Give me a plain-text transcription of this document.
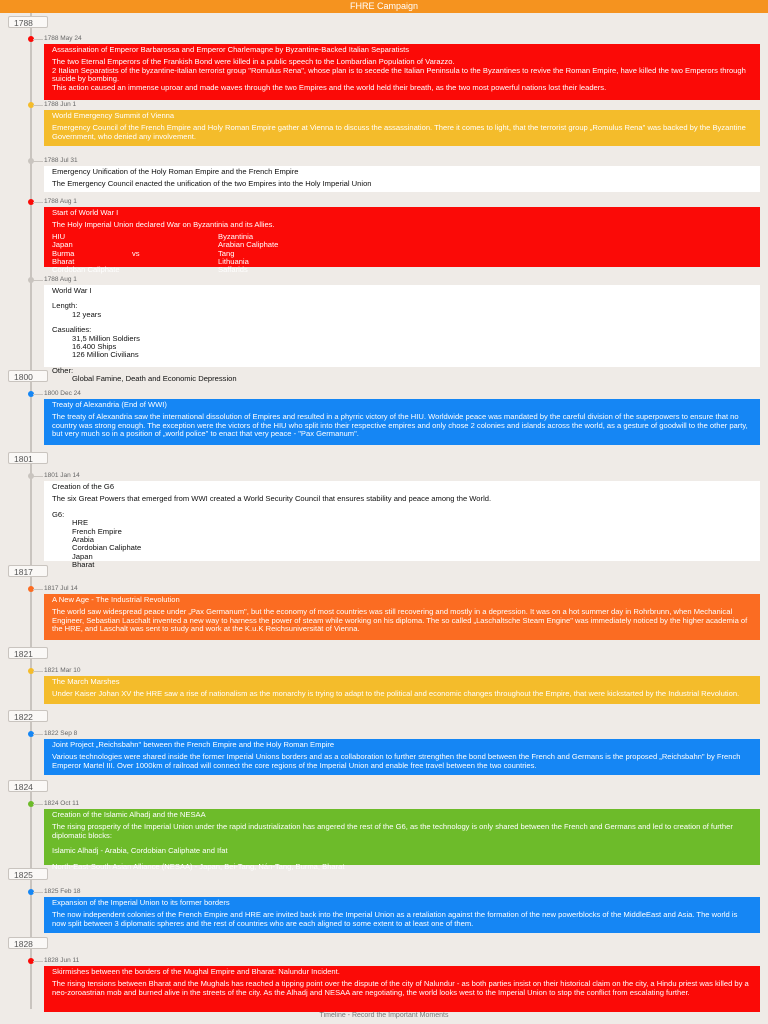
FHRE Campaign
1788
1800
1801
1817
1821
1822
1824
1825
1828
1788 May 24
Assassination of Emperor Barbarossa and Emperor Charlemagne by Byzantine-Backed Italian Separatists
The two Eternal Emperors of the Frankish Bond were killed in a public speech to the Lombardian Population of Varazzo.
2 Italian Separatists of the byzantine-italian terrorist group "Romulus Rena", whose plan is to secede the Italian Peninsula to the Byzantines to revive the Roman Empire, have killed the two Emperors through suicide by bombing.
This action caused an immense uproar and made waves through the two Empires and the world held their breath, as the two most powerful nations lost their leaders.
1788 Jun 1
World Emergency Summit of Vienna
Emergency Council of the French Empire and Holy Roman Empire gather at Vienna to discuss the assassination. There it comes to light, that the terrorist group „Romulus Rena" was backed by the Byzantine Government, who denied any involvement.
1788 Jul 31
Emergency Unification of the Holy Roman Empire and the French Empire
The Emergency Council enacted the unification of the two Empires into the Holy Imperial Union
1788 Aug 1
Start of World War I
The Holy Imperial Union declared War on Byzantinia and its Allies.
HIU
Japan
Burma
Bharat
Cordoban Caliphate
vs
Byzantinia
Arabian Caliphate
Tang
Lithuania
Saffarids
1788 Aug 1
World War I
Length:
12 years
Casualities:
31,5 Million Soldiers
16.400 Ships
126 Million Civilians
Other:
Global Famine, Death and Economic Depression
1800 Dec 24
Treaty of Alexandria (End of WWI)
The treaty of Alexandria saw the international dissolution of Empires and resulted in a phyrric victory of the HIU. Worldwide peace was mandated by the careful division of the superpowers to ensure that no country was strong enough. The exception were the victors of the HIU who split into their respective empires and only chose 2 colonies and islands across the world, as a gesture of goodwill to the other party, but very much so in a position of „world police" to enact that very peace - "Pax Germanum".
1801 Jan 14
Creation of the G6
The six Great Powers that emerged from WWI created a World Security Council that ensures stability and peace among the World.
G6:
HRE
French Empire
Arabia
Cordobian Caliphate
Japan
Bharat
1817 Jul 14
A New Age - The Industrial Revolution
The world saw widespread peace under „Pax Germanum", but the economy of most countries was still recovering and mostly in a depression. It was on a hot summer day in Rohrbrunn, when Mechanical Engineer, Sebastian Laschalt invented a new way to harness the power of steam while working on his diploma. The so called „Laschaltsche Steam Engine" was immediately noticed by the higher academia of the HRE, and Laschalt was sent to study and work at the K.u.K Reichsuniversität of Vienna.
1821 Mar 10
The March Marshes
Under Kaiser Johan XV the HRE saw a rise of nationalism as the monarchy is trying to adapt to the political and economic changes throughout the Empire, that were kickstarted by the Industrial Revolution.
1822 Sep 8
Joint Project „Reichsbahn" between the French Empire and the Holy Roman Empire
Various technologies were shared inside the former Imperial Unions borders and as a collaboration to further strengthen the bond between the French and Germans is the proposed „Reichsbahn" by French Emperor Martel III. Over 1000km of railroad will connect the core regions of the Imperial Union and enable free travel between the two countries.
1824 Oct 11
Creation of the Islamic Alhadj and the NESAA
The rising prosperity of the Imperial Union under the rapid industrialization has angered the rest of the G6, as the technology is only shared between the French and Germans and led to creation of further diplomatic blocks:
Islamic Alhadj - Arabia, Cordobian Caliphate and Ifat
North-East-South Asian Alliance (NESAA) - Japan, Bei-Tang, Nán-Tang, Burma, Bharat
1825 Feb 18
Expansion of the Imperial Union to its former borders
The now independent colonies of the French Empire and HRE are invited back into the Imperial Union as a retaliation against the formation of the new powerblocks of the MiddleEast and Asia. The world is now split between 3 diplomatic spheres and the rest of countries who are each aligned to some extent to at least one of them.
1828 Jun 11
Skirmishes between the borders of the Mughal Empire and Bharat: Nalundur Incident.
The rising tensions between Bharat and the Mughals has reached a tipping point over the dispute of the city of Nalundur - as both parties insist on their historical claim on the city, a Hindu priest was killed by a neo-zoroastrian mob and burned alive in the streets of the city. As the Alhadj and NESAA are negotiating, the world looks west to the Imperial Union to stop the conflict from escalating further.
Timeline - Record the Important Moments
